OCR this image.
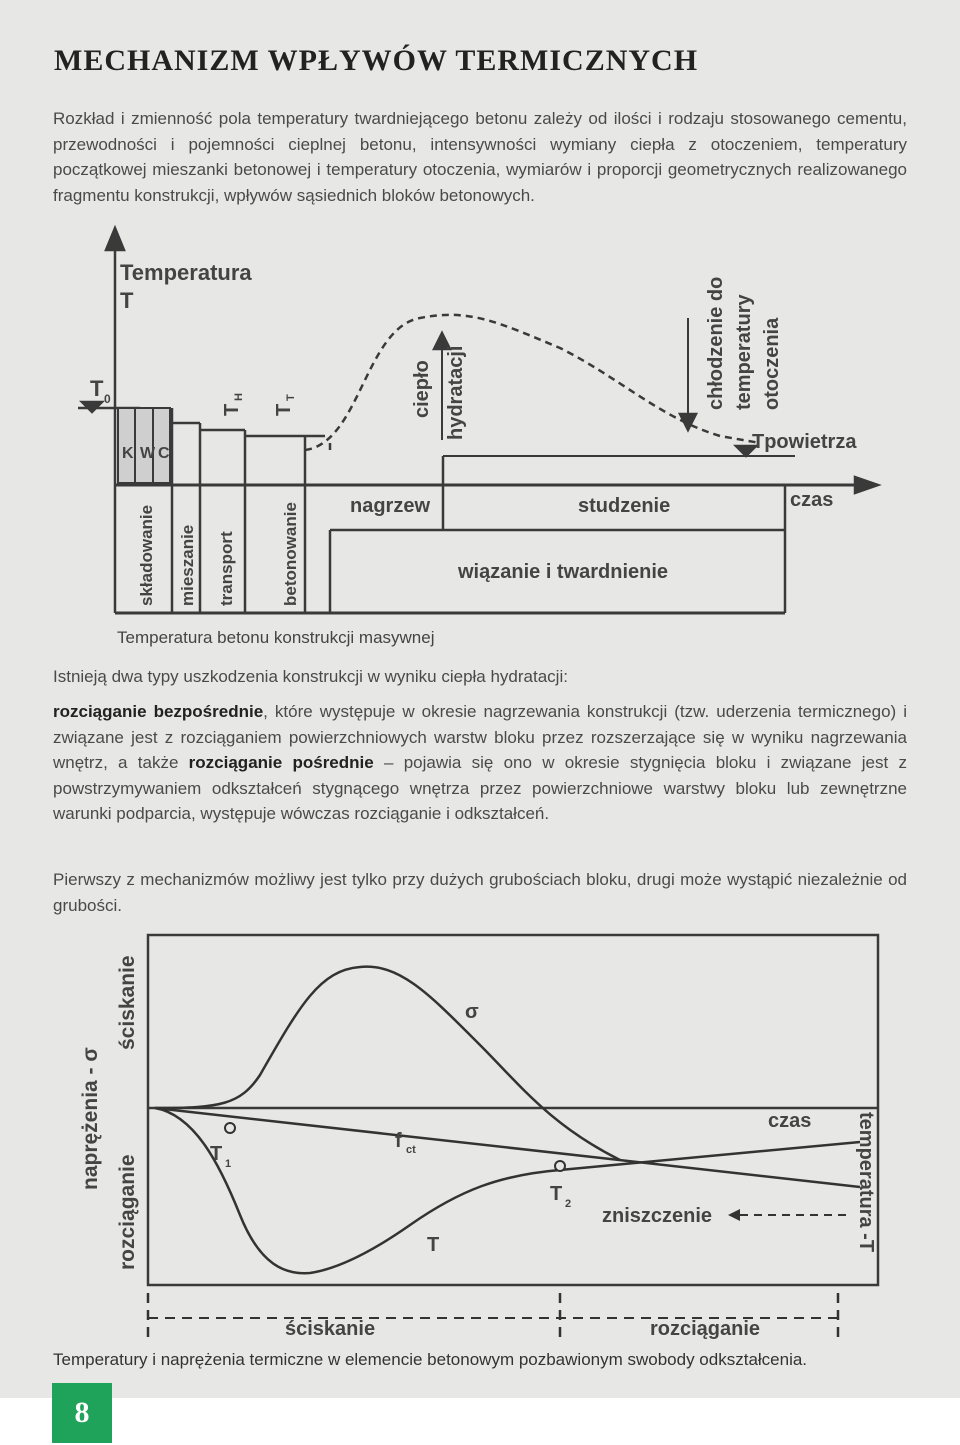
MECHANIZM WPŁYWÓW TERMICZNYCH

Rozkład i zmienność pola temperatury twardniejącego betonu zależy od ilości i rodzaju stosowanego cementu, przewodności i pojemności cieplnej betonu, intensywności wymiany ciepła z otoczeniem, temperatury początkowej mieszanki betonowej i temperatury otoczenia, wymiarów i proporcji geometrycznych realizowanego fragmentu konstrukcji, wpływów sąsiednich bloków betonowych.

Temperatura
T
T 0
K W C
T
H
T
T	ciepło hydratacji	chłodzenie do temperatury otoczenia
Tpowietrza
czas
składowanie mieszanie transport	betonowanie	nagrzew	studzenie
wiązanie i twardnienie
Temperatura betonu konstrukcji masywnej

Istnieją dwa typy uszkodzenia konstrukcji w wyniku ciepła hydratacji:

rozciąganie bezpośrednie, które występuje w okresie nagrzewania konstrukcji (tzw. uderzenia termicznego) i związane jest z rozciąganiem powierzchniowych warstw bloku przez rozszerzające się w wyniku nagrzewania wnętrz, a także rozciąganie pośrednie – pojawia się ono w okresie stygnięcia bloku i związane jest z powstrzymywaniem odkształceń stygnącego wnętrza przez powierzchniowe warstwy bloku lub zewnętrzne warunki podparcia, występuje wówczas rozciąganie i odkształceń.

Pierwszy z mechanizmów możliwy jest tylko przy dużych grubościach bloku, drugi może wystąpić niezależnie od grubości.

naprężenia - σ
ściskanie
rozciąganie
σ
f ct
T 1
T 2
T
czas temperatura -T
zniszczenie
ściskanie	rozciąganie
Temperatury i naprężenia termiczne w elemencie betonowym pozbawionym swobody odkształcenia.
8
